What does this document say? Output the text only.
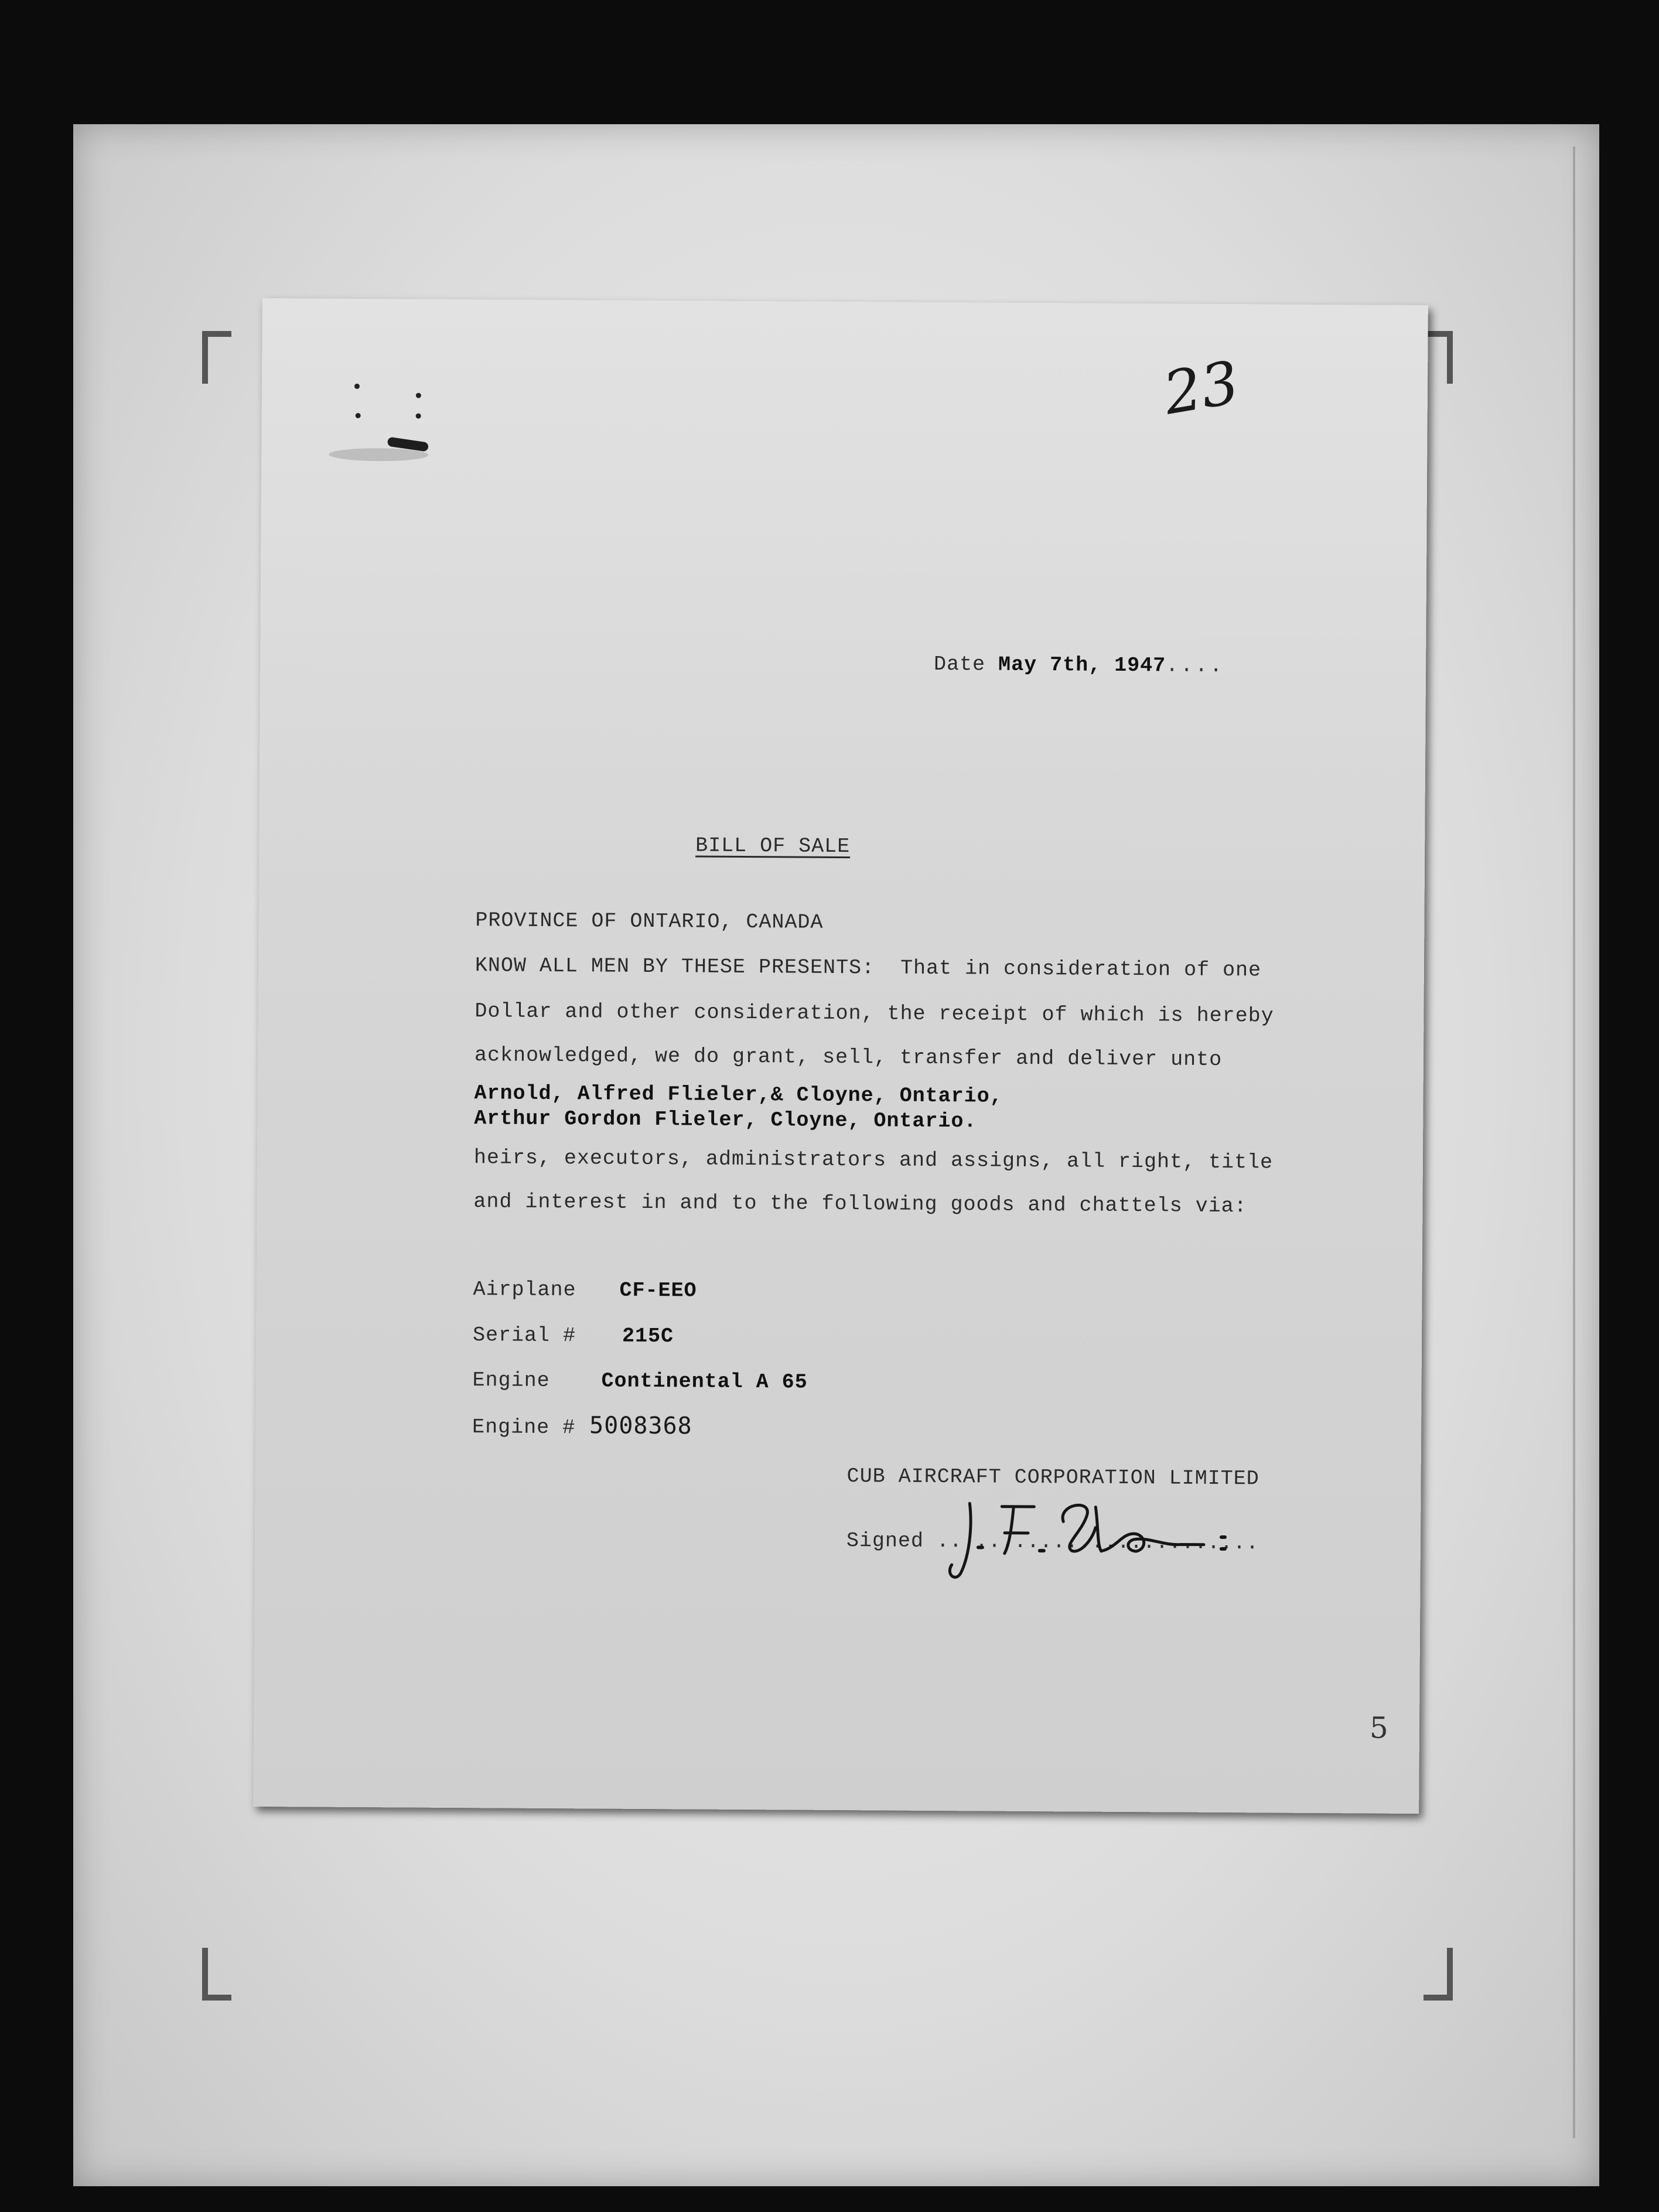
23
Date May 7th, 1947....
BILL OF SALE
PROVINCE OF ONTARIO, CANADA
KNOW ALL MEN BY THESE PRESENTS:  That in consideration of one
Dollar and other consideration, the receipt of which is hereby
acknowledged, we do grant, sell, transfer and deliver unto
Arnold, Alfred Flieler,& Cloyne, Ontario,
Arthur Gordon Flieler, Cloyne, Ontario.
heirs, executors, administrators and assigns, all right, title
and interest in and to the following goods and chattels via:
Airplane CF-EEO
Serial # 215C
Engine	Continental A 65
Engine # 5008368
CUB AIRCRAFT CORPORATION LIMITED
Signed .........................
5
